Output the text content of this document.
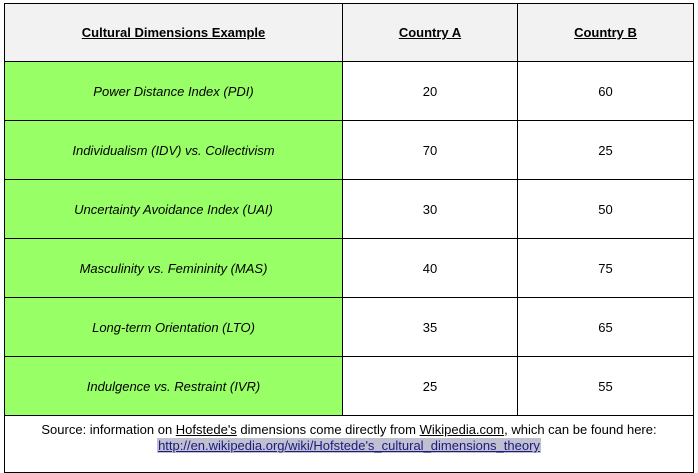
Cultural Dimensions Example	Country A	Country B
Power Distance Index (PDI)	20	60
Individualism (IDV) vs. Collectivism	70	25
Uncertainty Avoidance Index (UAI)	30	50
Masculinity vs. Femininity (MAS)	40	75
Long-term Orientation (LTO)	35	65
Indulgence vs. Restraint (IVR)	25	55
Source: information on Hofstede's dimensions come directly from Wikipedia.com, which can be found here:
http://en.wikipedia.org/wiki/Hofstede's_cultural_dimensions_theory		
